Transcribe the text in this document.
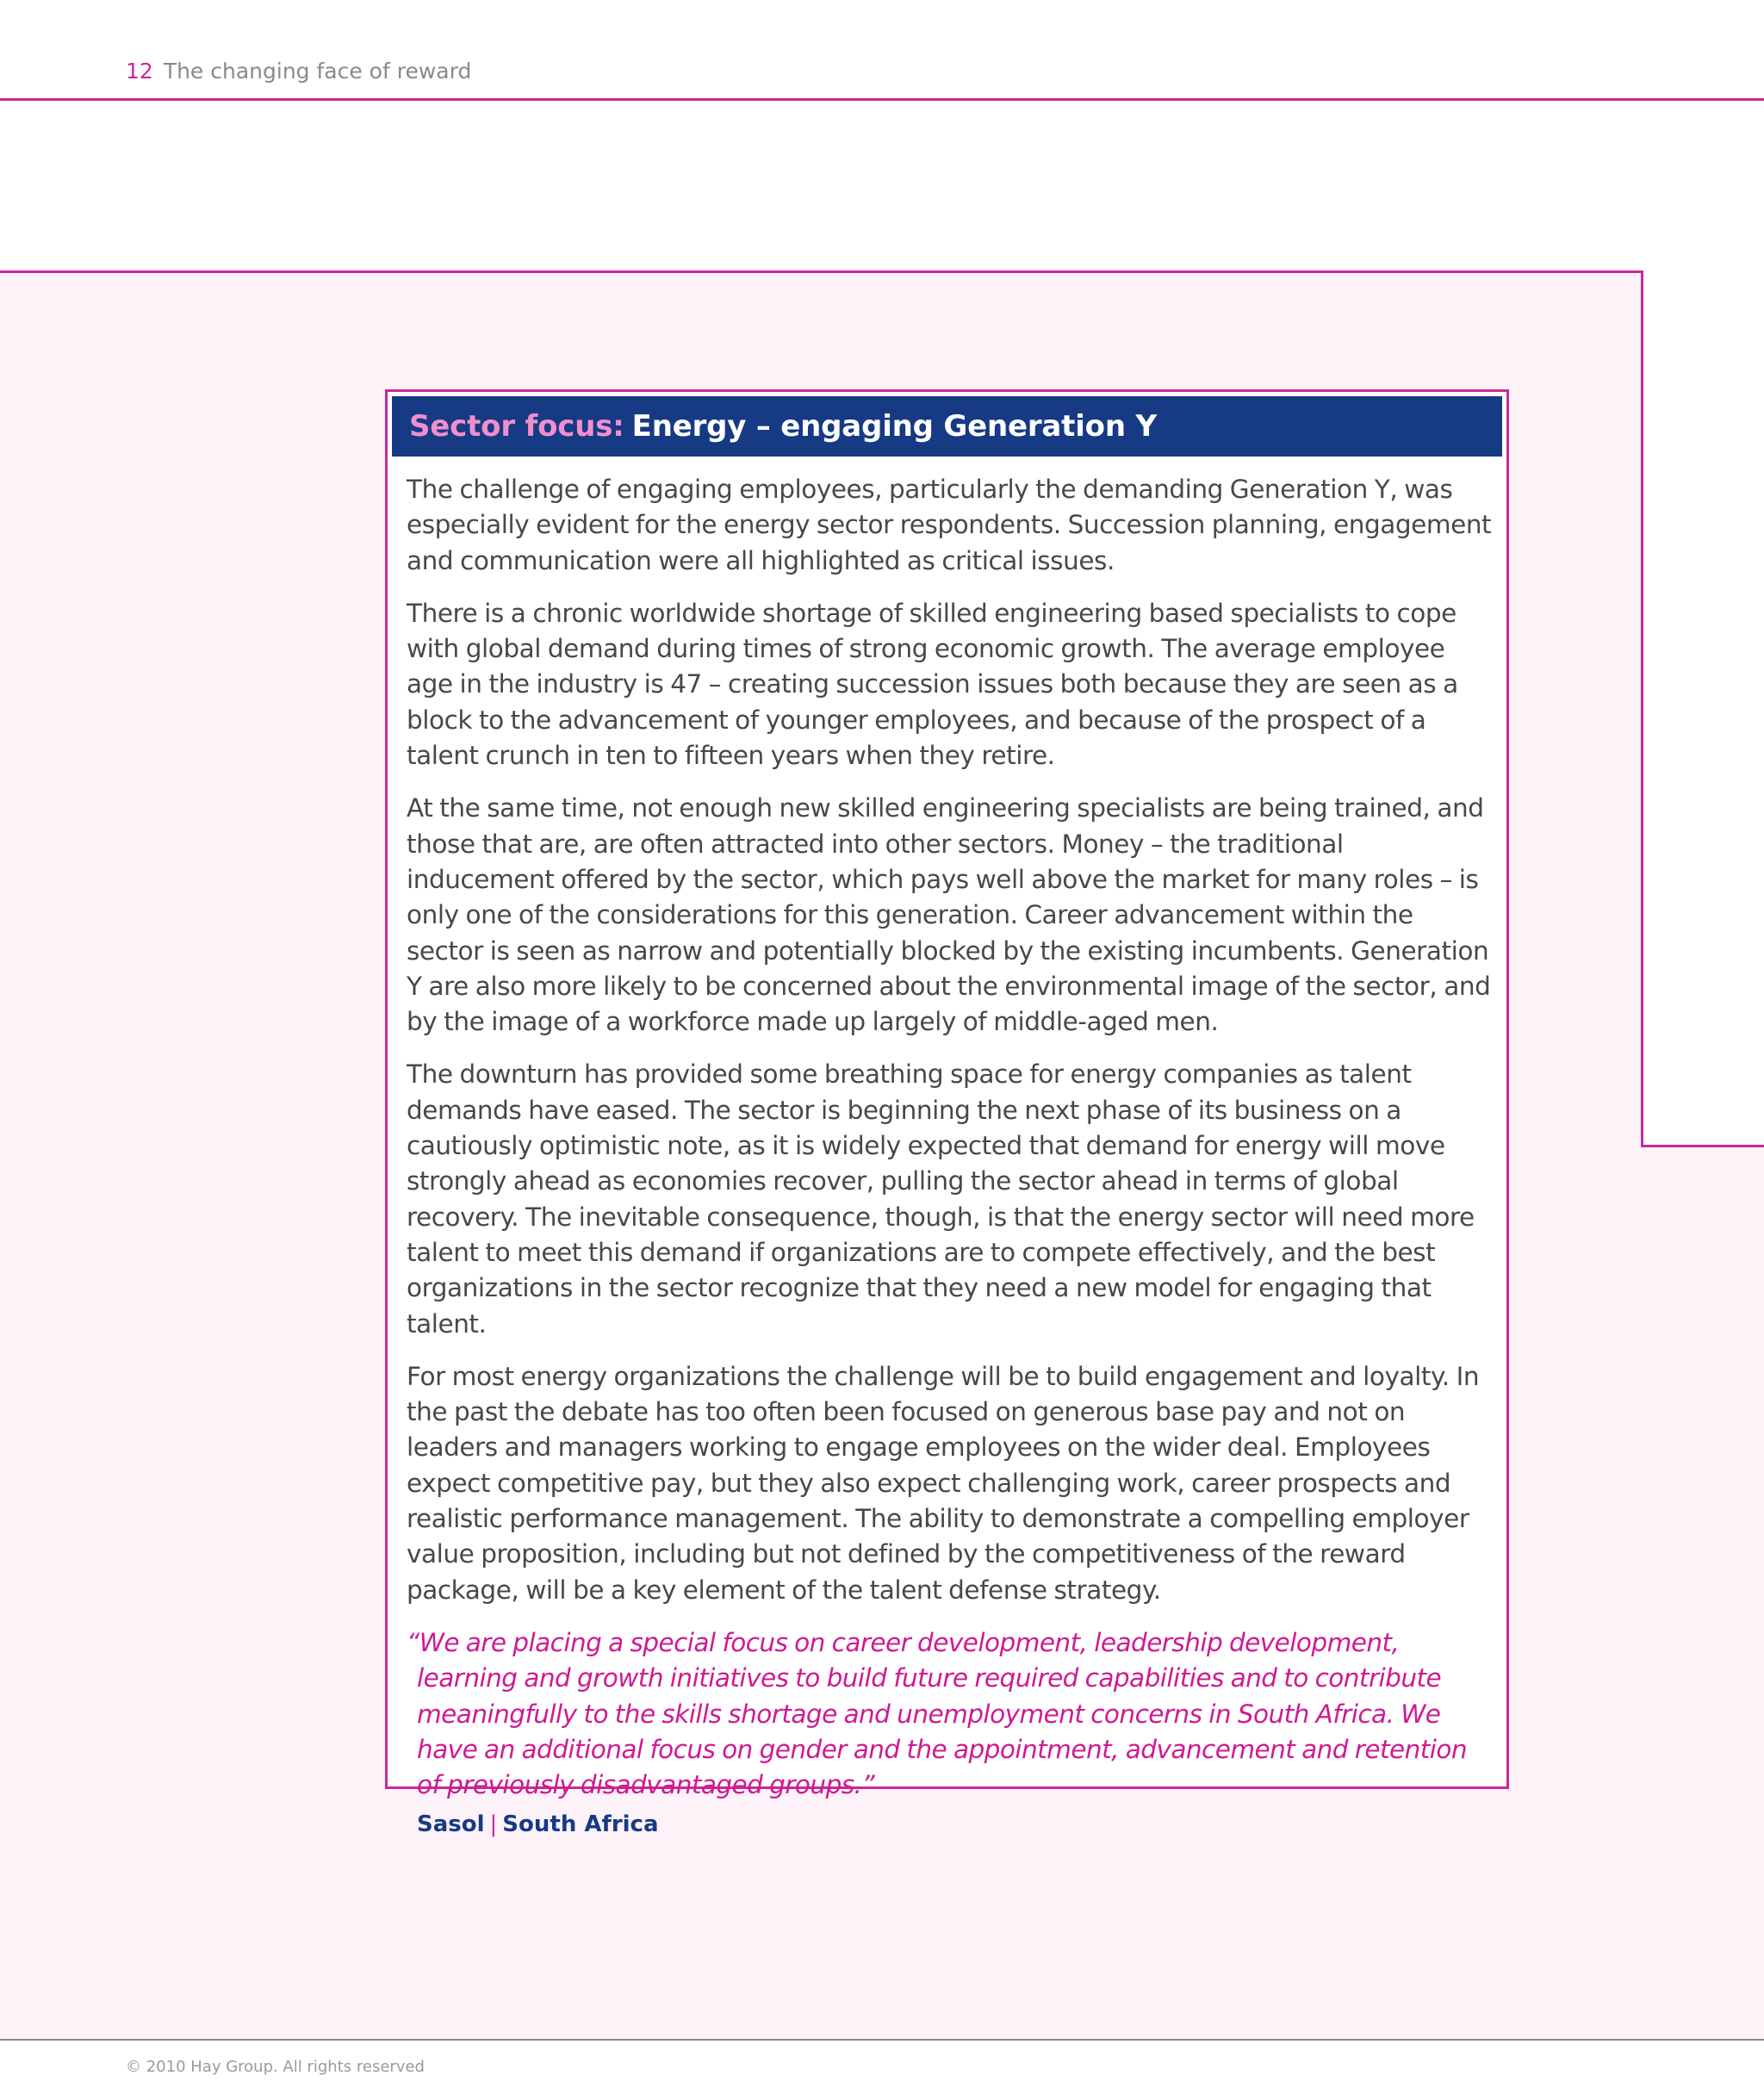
12 The changing face of reward
Sector focus: Energy – engaging Generation Y

The challenge of engaging employees, particularly the demanding Generation Y, was especially evident for the energy sector respondents. Succession planning, engagement and communication were all highlighted as critical issues.

There is a chronic worldwide shortage of skilled engineering based specialists to cope with global demand during times of strong economic growth. The average employee age in the industry is 47 – creating succession issues both because they are seen as a block to the advancement of younger employees, and because of the prospect of a talent crunch in ten to fifteen years when they retire.

At the same time, not enough new skilled engineering specialists are being trained, and those that are, are often attracted into other sectors. Money – the traditional inducement offered by the sector, which pays well above the market for many roles – is only one of the considerations for this generation. Career advancement within the sector is seen as narrow and potentially blocked by the existing incumbents. Generation Y are also more likely to be concerned about the environmental image of the sector, and by the image of a workforce made up largely of middle-aged men.

The downturn has provided some breathing space for energy companies as talent demands have eased. The sector is beginning the next phase of its business on a cautiously optimistic note, as it is widely expected that demand for energy will move strongly ahead as economies recover, pulling the sector ahead in terms of global recovery. The inevitable consequence, though, is that the energy sector will need more talent to meet this demand if organizations are to compete effectively, and the best organizations in the sector recognize that they need a new model for engaging that talent.

For most energy organizations the challenge will be to build engagement and loyalty. In the past the debate has too often been focused on generous base pay and not on leaders and managers working to engage employees on the wider deal. Employees expect competitive pay, but they also expect challenging work, career prospects and realistic performance management. The ability to demonstrate a compelling employer value proposition, including but not defined by the competitiveness of the reward package, will be a key element of the talent defense strategy.

“We are placing a special focus on career development, leadership development, learning and growth initiatives to build future required capabilities and to contribute meaningfully to the skills shortage and unemployment concerns in South Africa. We have an additional focus on gender and the appointment, advancement and retention of previously disadvantaged groups.”
Sasol | South Africa
© 2010 Hay Group. All rights reserved
